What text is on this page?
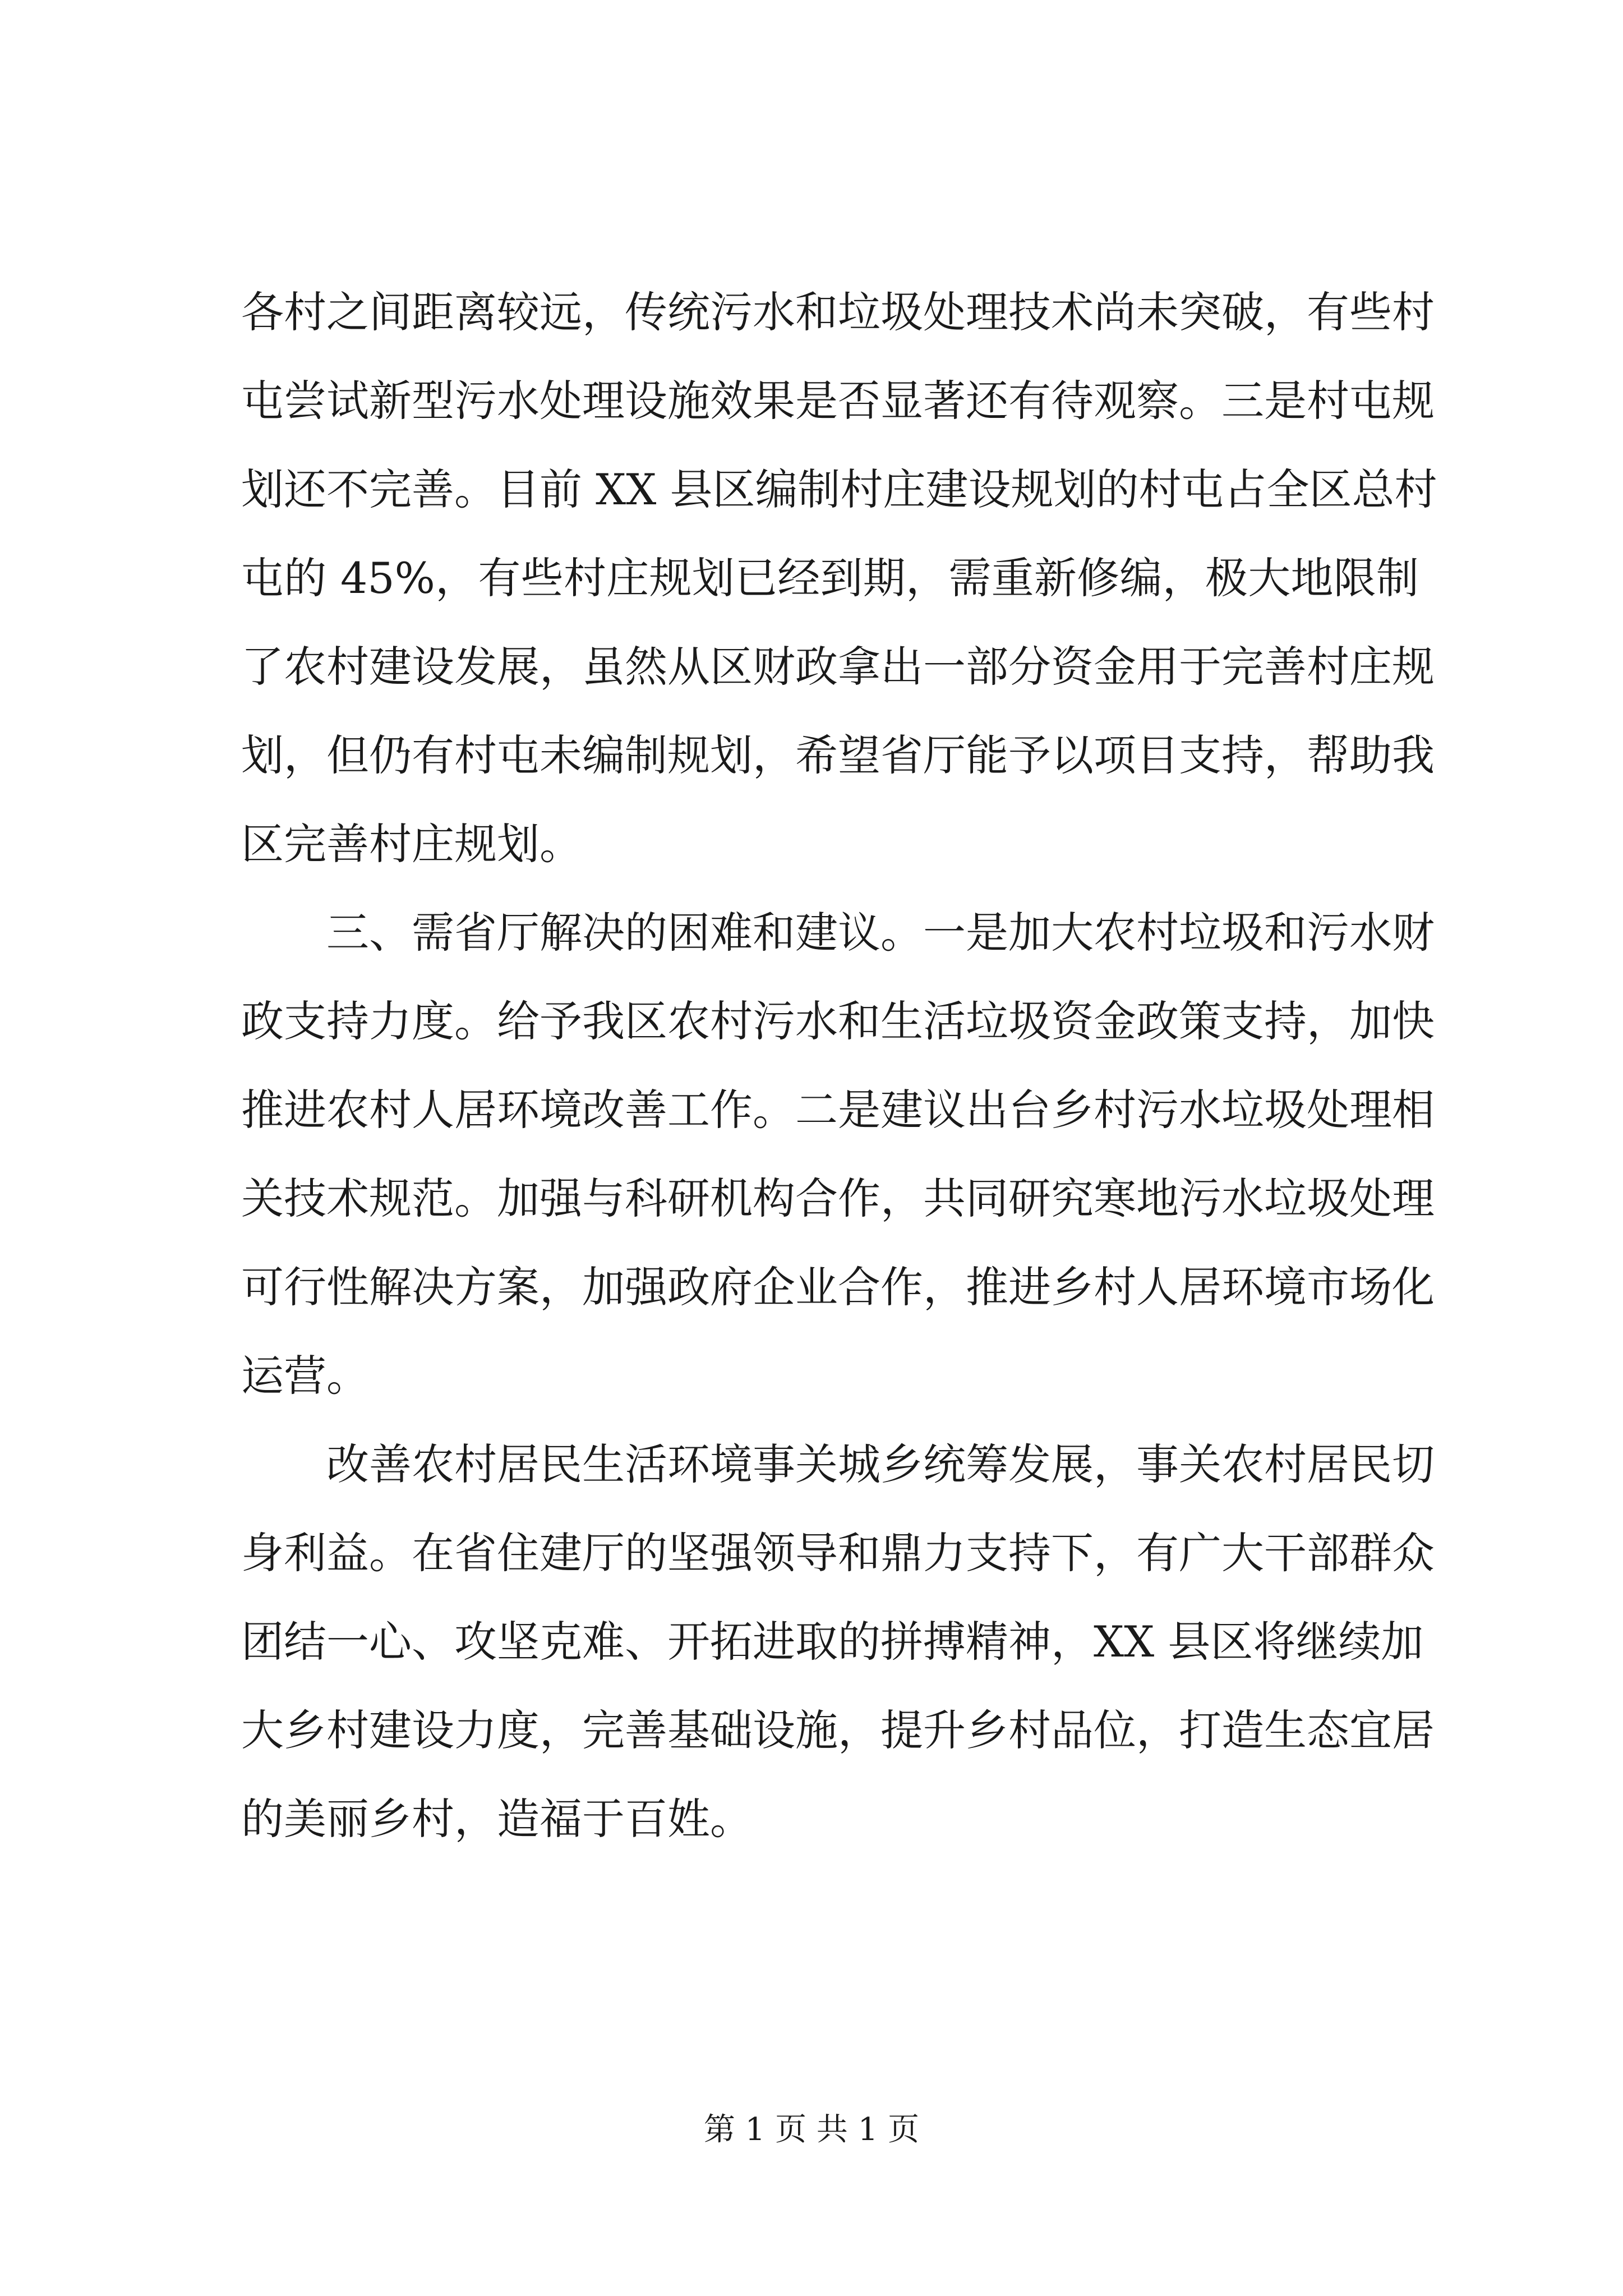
各村之间距离较远，传统污水和垃圾处理技术尚未突破，有些村
屯尝试新型污水处理设施效果是否显著还有待观察。三是村屯规
划还不完善。目前 XX 县区编制村庄建设规划的村屯占全区总村
屯的 45%，有些村庄规划已经到期，需重新修编，极大地限制
了农村建设发展，虽然从区财政拿出一部分资金用于完善村庄规
划，但仍有村屯未编制规划，希望省厅能予以项目支持，帮助我
区完善村庄规划。

三、需省厅解决的困难和建议。一是加大农村垃圾和污水财
政支持力度。给予我区农村污水和生活垃圾资金政策支持，加快
推进农村人居环境改善工作。二是建议出台乡村污水垃圾处理相
关技术规范。加强与科研机构合作，共同研究寒地污水垃圾处理
可行性解决方案，加强政府企业合作，推进乡村人居环境市场化
运营。

改善农村居民生活环境事关城乡统筹发展，事关农村居民切
身利益。在省住建厅的坚强领导和鼎力支持下，有广大干部群众
团结一心、攻坚克难、开拓进取的拼搏精神，XX 县区将继续加
大乡村建设力度，完善基础设施，提升乡村品位，打造生态宜居
的美丽乡村，造福于百姓。

第 1 页 共 1 页
